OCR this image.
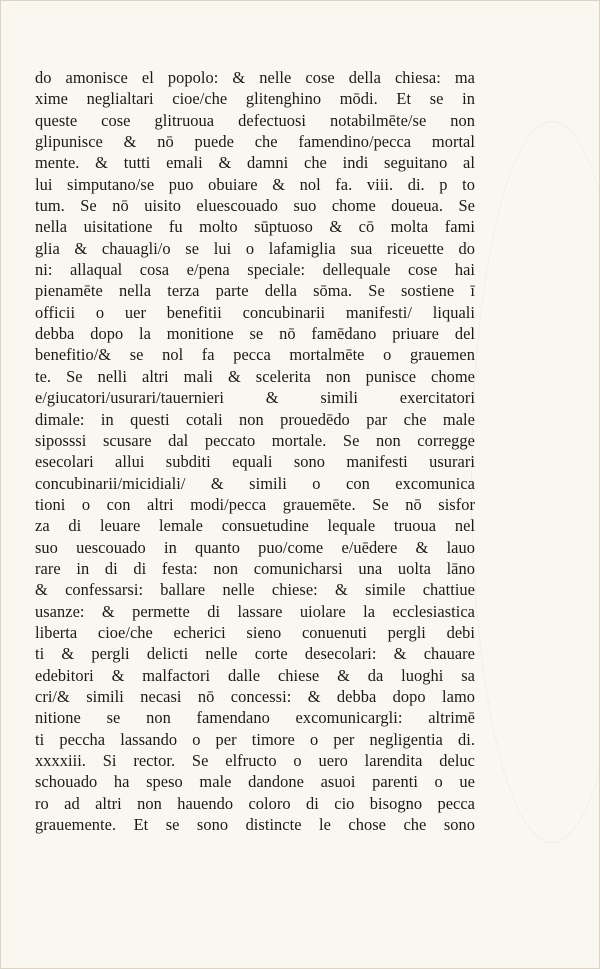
do amonisce el popolo: & nelle cose della chiesa: ma
xime neglialtari cioe/che glitenghino mōdi. Et se in
queste cose glitruoua defectuosi notabilmēte/se non
glipunisce & nō puede che famendino/pecca mortal
mente. & tutti emali & damni che indi seguitano al
lui simputano/se puo obuiare & nol fa. viii. di. p to
tum. Se nō uisito eluescouado suo chome doueua. Se
nella uisitatione fu molto sūptuoso & cō molta fami
glia & chauagli/o se lui o lafamiglia sua riceuette do
ni: allaqual cosa e/pena speciale: dellequale cose hai
pienamēte nella terza parte della sōma. Se sostiene ī
officii o uer benefitii concubinarii manifesti/ liquali
debba dopo la monitione se nō famēdano priuare del
benefitio/& se nol fa pecca mortalmēte o grauemen
te. Se nelli altri mali & scelerita non punisce chome
e/giucatori/usurari/tauernieri & simili exercitatori
dimale: in questi cotali non prouedēdo par che male
siposssi scusare dal peccato mortale. Se non corregge
esecolari allui subditi equali sono manifesti usurari
concubinarii/micidiali/ & simili o con excomunica
tioni o con altri modi/pecca grauemēte. Se nō sisfor
za di leuare lemale consuetudine lequale truoua nel
suo uescouado in quanto puo/come e/uēdere & lauo
rare in di di festa: non comunicharsi una uolta lāno
& confessarsi: ballare nelle chiese: & simile chattiue
usanze: & permette di lassare uiolare la ecclesiastica
liberta cioe/che echerici sieno conuenuti pergli debi
ti & pergli delicti nelle corte desecolari: & chauare
edebitori & malfactori dalle chiese & da luoghi sa
cri/& simili necasi nō concessi: & debba dopo lamo
nitione se non famendano excomunicargli: altrimē
ti peccha lassando o per timore o per negligentia di.
xxxxiii. Si rector. Se elfructo o uero larendita deluc
schouado ha speso male dandone asuoi parenti o ue
ro ad altri non hauendo coloro di cio bisogno pecca
grauemente. Et se sono distincte le chose che sono
